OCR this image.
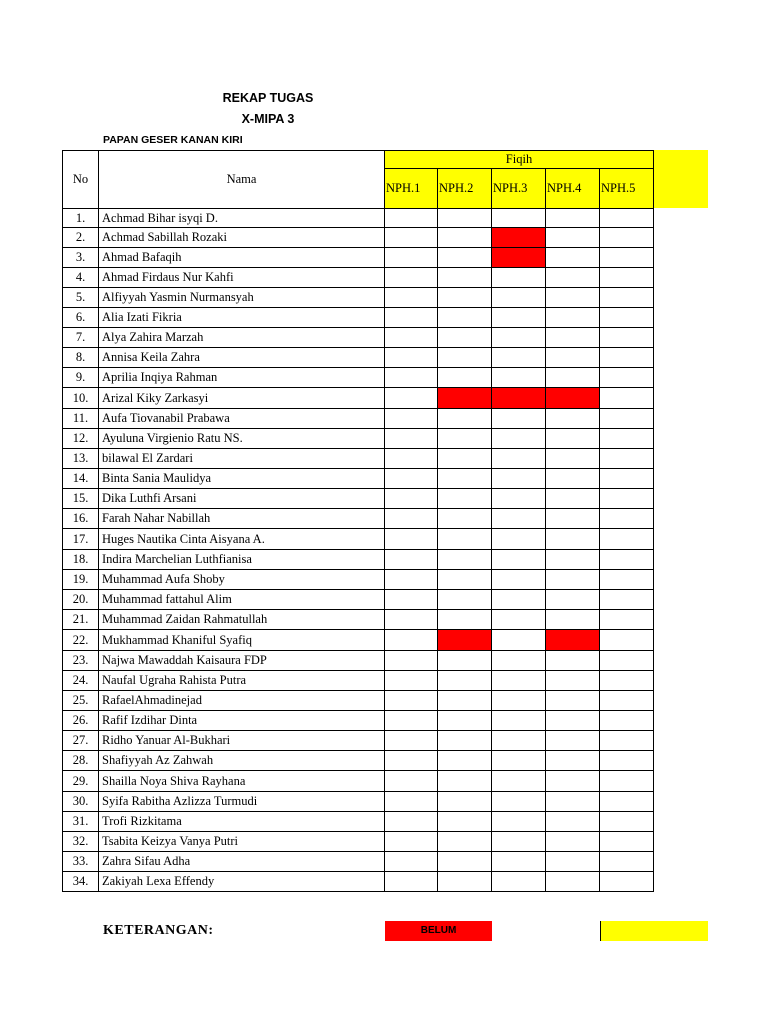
REKAP TUGAS
X-MIPA 3
PAPAN GESER KANAN KIRI
No	Nama	Fiqih				
		NPH.1	NPH.2	NPH.3	NPH.4	NPH.5
1.	Achmad Bihar isyqi D.					
2.	Achmad Sabillah Rozaki					
3.	Ahmad Bafaqih					
4.	Ahmad Firdaus Nur Kahfi					
5.	Alfiyyah Yasmin Nurmansyah					
6.	Alia Izati Fikria					
7.	Alya Zahira Marzah					
8.	Annisa Keila Zahra					
9.	Aprilia Inqiya Rahman					
10.	Arizal Kiky Zarkasyi					
11.	Aufa Tiovanabil Prabawa					
12.	Ayuluna Virgienio Ratu NS.					
13.	bilawal El Zardari					
14.	Binta Sania Maulidya					
15.	Dika Luthfi Arsani					
16.	Farah Nahar Nabillah					
17.	Huges Nautika Cinta Aisyana A.					
18.	Indira Marchelian Luthfianisa					
19.	Muhammad Aufa Shoby					
20.	Muhammad fattahul Alim					
21.	Muhammad Zaidan Rahmatullah					
22.	Mukhammad Khaniful Syafiq					
23.	Najwa Mawaddah Kaisaura FDP					
24.	Naufal Ugraha Rahista Putra					
25.	RafaelAhmadinejad					
26.	Rafif Izdihar Dinta					
27.	Ridho Yanuar Al-Bukhari					
28.	Shafiyyah Az Zahwah					
29.	Shailla Noya Shiva Rayhana					
30.	Syifa Rabitha Azlizza Turmudi					
31.	Trofi Rizkitama					
32.	Tsabita Keizya Vanya Putri					
33.	Zahra Sifau Adha					
34.	Zakiyah Lexa Effendy					
KETERANGAN:	BELUM
